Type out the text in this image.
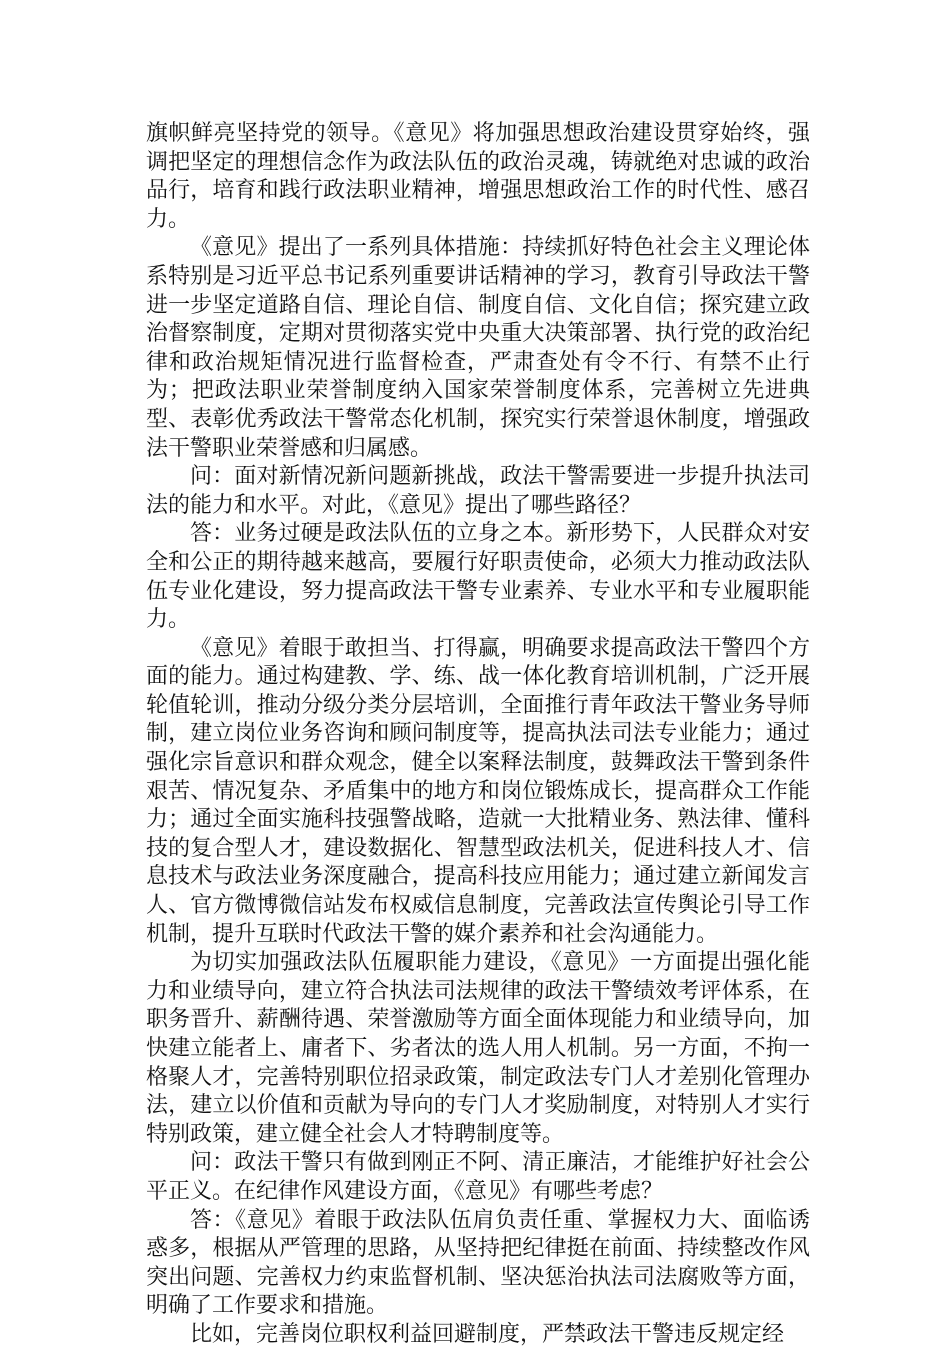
旗帜鲜亮坚持党的领导。《意见》将加强思想政治建设贯穿始终，强调把坚定的理想信念作为政法队伍的政治灵魂，铸就绝对忠诚的政治品行，培育和践行政法职业精神，增强思想政治工作的时代性、感召力。

《意见》提出了一系列具体措施：持续抓好特色社会主义理论体系特别是习近平总书记系列重要讲话精神的学习，教育引导政法干警进一步坚定道路自信、理论自信、制度自信、文化自信；探究建立政治督察制度，定期对贯彻落实党中央重大决策部署、执行党的政治纪律和政治规矩情况进行监督检查，严肃查处有令不行、有禁不止行为；把政法职业荣誉制度纳入国家荣誉制度体系，完善树立先进典型、表彰优秀政法干警常态化机制，探究实行荣誉退休制度，增强政法干警职业荣誉感和归属感。

问：面对新情况新问题新挑战，政法干警需要进一步提升执法司法的能力和水平。对此，《意见》提出了哪些路径？

答：业务过硬是政法队伍的立身之本。新形势下，人民群众对安全和公正的期待越来越高，要履行好职责使命，必须大力推动政法队伍专业化建设，努力提高政法干警专业素养、专业水平和专业履职能力。

《意见》着眼于敢担当、打得赢，明确要求提高政法干警四个方面的能力。通过构建教、学、练、战一体化教育培训机制，广泛开展轮值轮训，推动分级分类分层培训，全面推行青年政法干警业务导师制，建立岗位业务咨询和顾问制度等，提高执法司法专业能力；通过强化宗旨意识和群众观念，健全以案释法制度，鼓舞政法干警到条件艰苦、情况复杂、矛盾集中的地方和岗位锻炼成长，提高群众工作能力；通过全面实施科技强警战略，造就一大批精业务、熟法律、懂科技的复合型人才，建设数据化、智慧型政法机关，促进科技人才、信息技术与政法业务深度融合，提高科技应用能力；通过建立新闻发言人、官方微博微信站发布权威信息制度，完善政法宣传舆论引导工作机制，提升互联时代政法干警的媒介素养和社会沟通能力。

为切实加强政法队伍履职能力建设，《意见》一方面提出强化能力和业绩导向，建立符合执法司法规律的政法干警绩效考评体系，在职务晋升、薪酬待遇、荣誉激励等方面全面体现能力和业绩导向，加快建立能者上、庸者下、劣者汰的选人用人机制。另一方面，不拘一格聚人才，完善特别职位招录政策，制定政法专门人才差别化管理办法，建立以价值和贡献为导向的专门人才奖励制度，对特别人才实行特别政策，建立健全社会人才特聘制度等。

问：政法干警只有做到刚正不阿、清正廉洁，才能维护好社会公平正义。在纪律作风建设方面，《意见》有哪些考虑？

答：《意见》着眼于政法队伍肩负责任重、掌握权力大、面临诱惑多，根据从严管理的思路，从坚持把纪律挺在前面、持续整改作风突出问题、完善权力约束监督机制、坚决惩治执法司法腐败等方面，明确了工作要求和措施。

比如，完善岗位职权利益回避制度，严禁政法干警违反规定经
